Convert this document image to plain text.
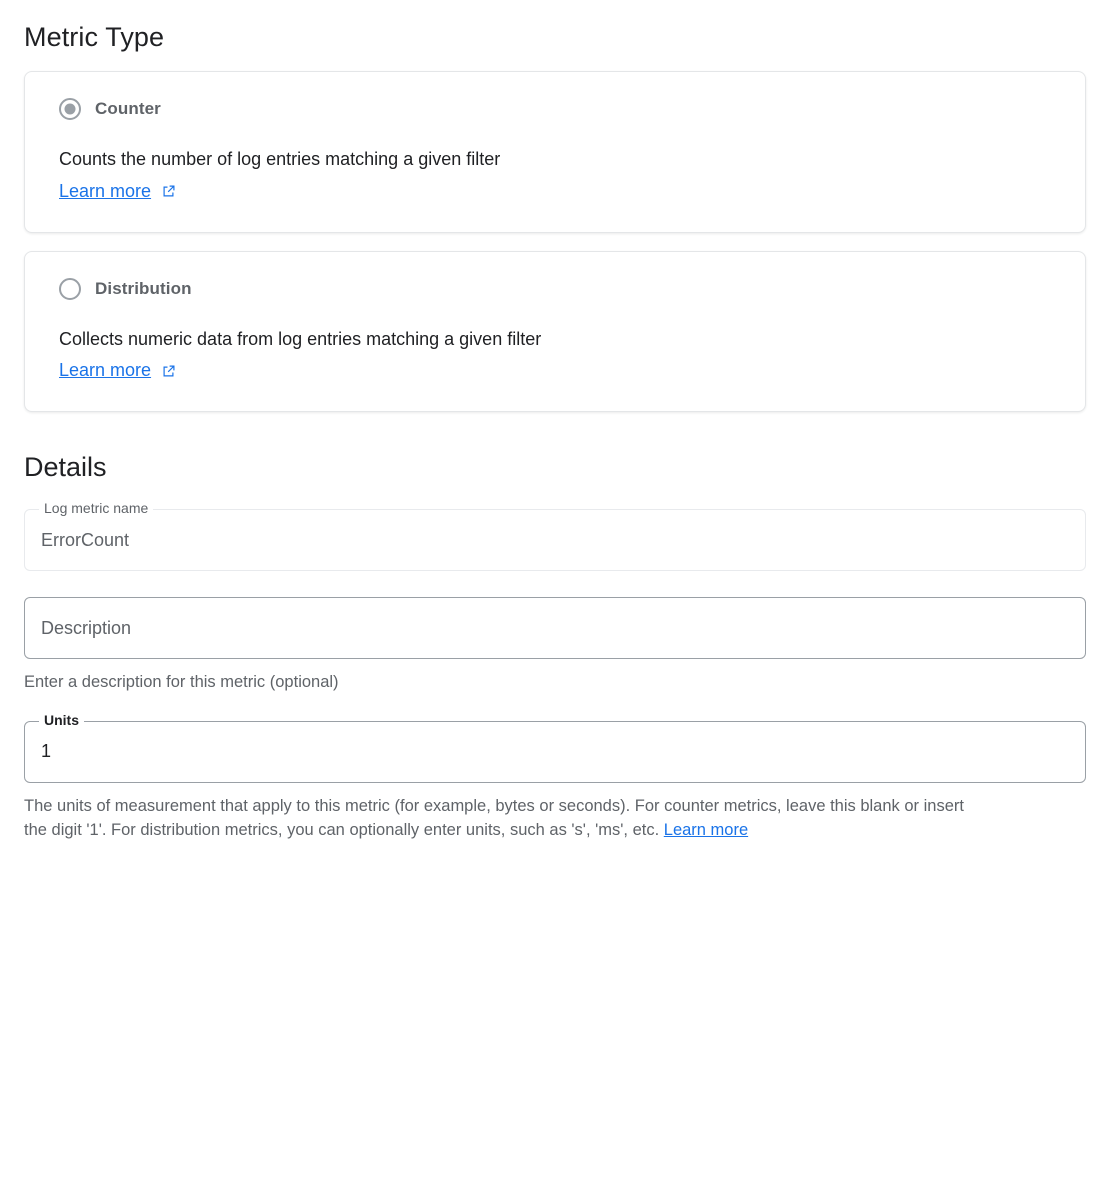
Metric Type
Counter
Counts the number of log entries matching a given filter
Learn more
Distribution
Collects numeric data from log entries matching a given filter
Learn more
Details
Log metric name
ErrorCount
Description
Enter a description for this metric (optional)
Units
1
The units of measurement that apply to this metric (for example, bytes or seconds). For counter metrics, leave this blank or insert the digit '1'. For distribution metrics, you can optionally enter units, such as 's', 'ms', etc. Learn more
